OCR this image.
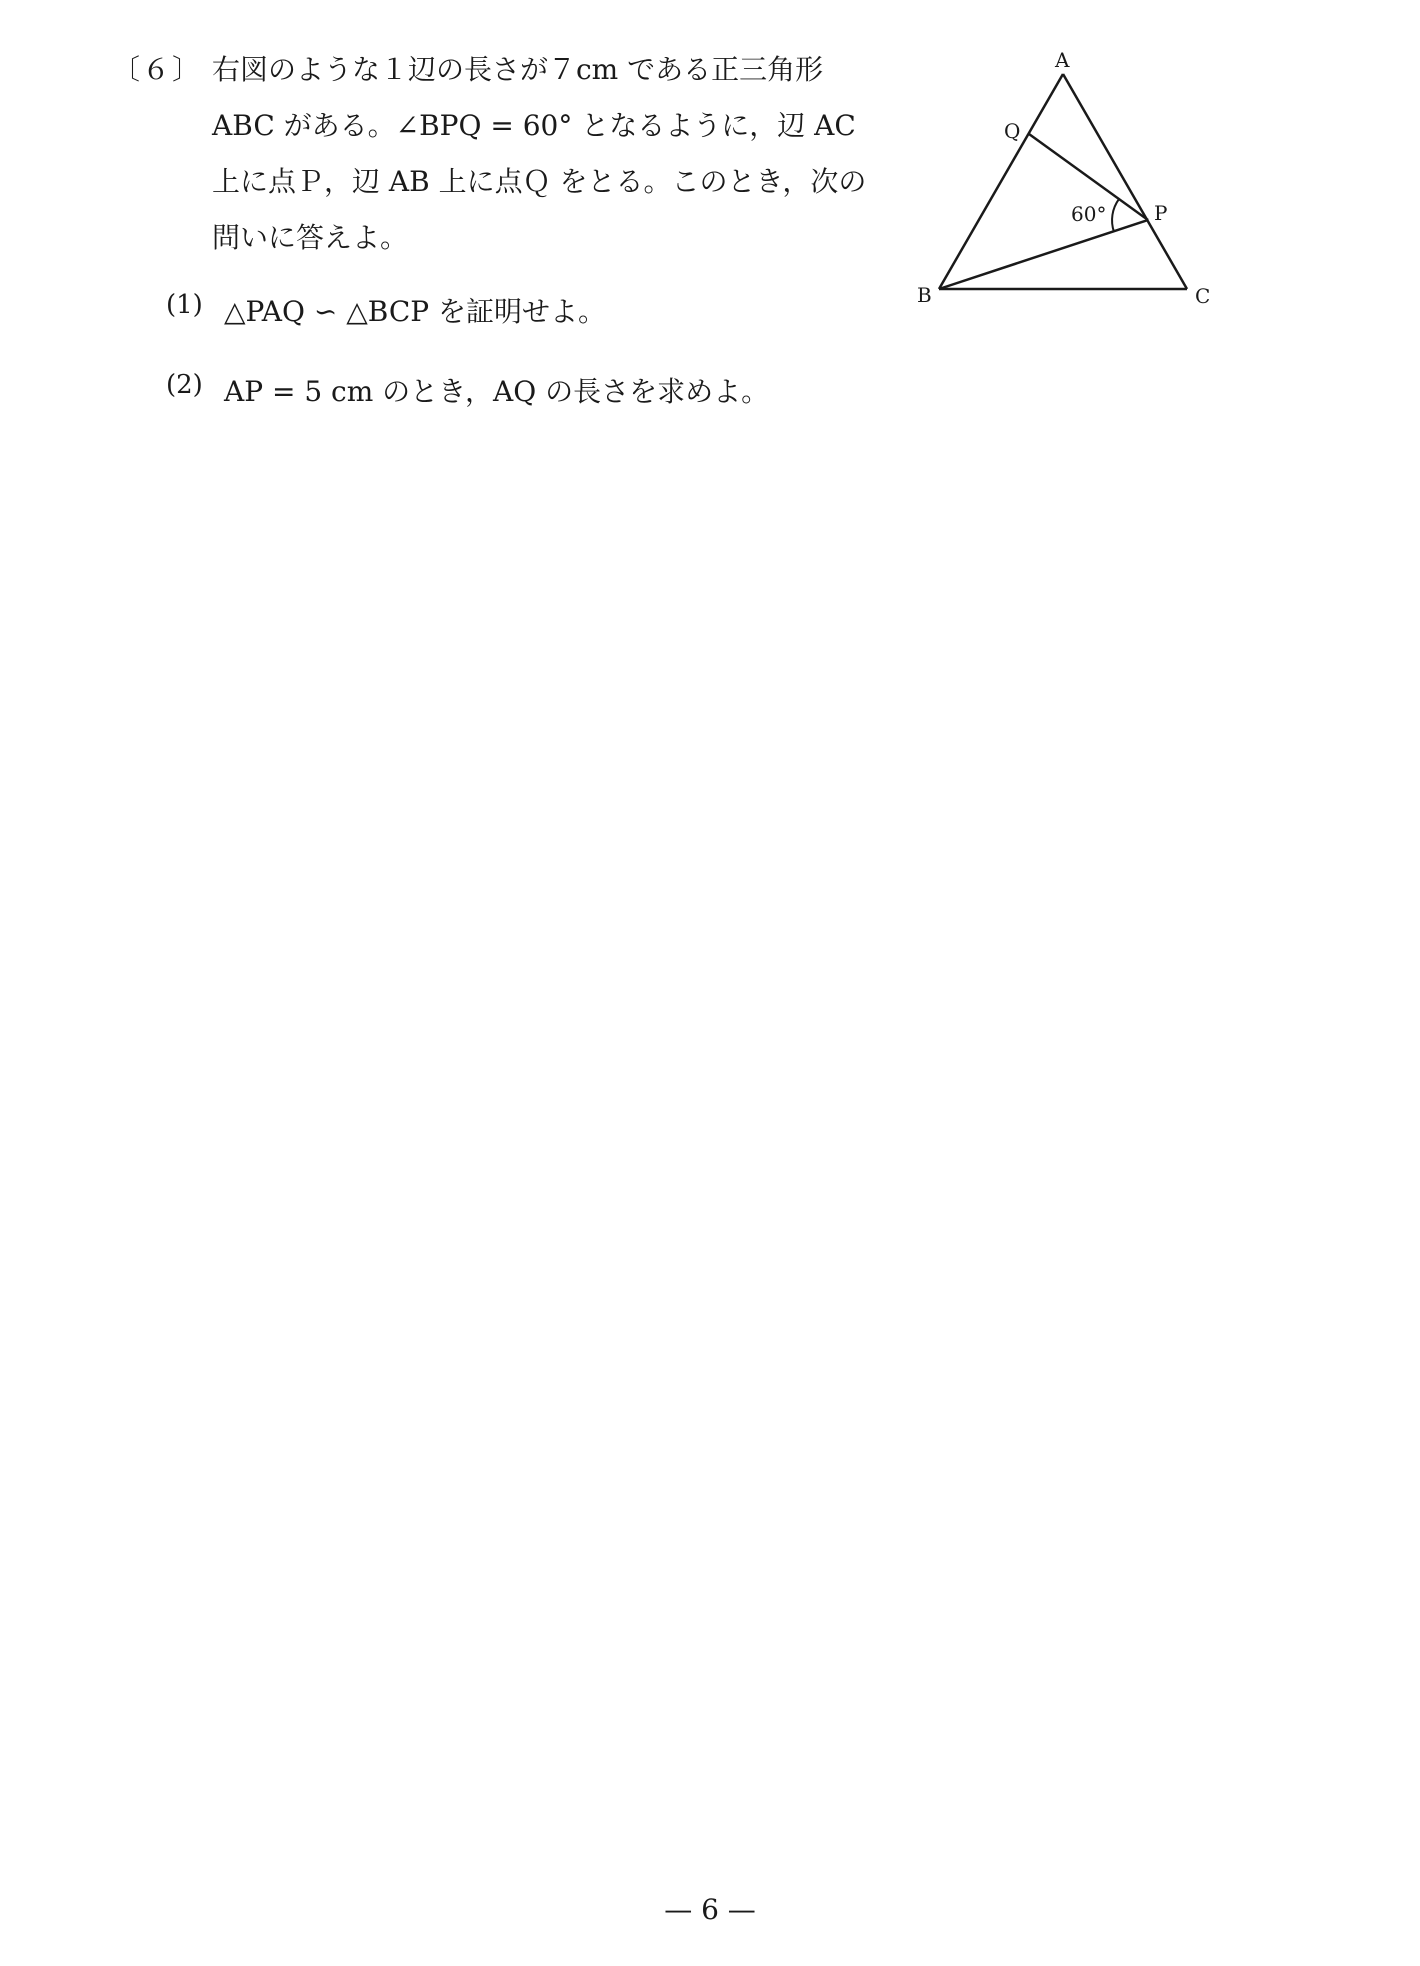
〔６〕 右図のような１辺の長さが７cm である正三角形
ABC がある。∠BPQ = 60° となるように，辺 AC
上に点Ｐ，辺 AB 上に点Ｑ をとる。このとき，次の
問いに答えよ。
(1) △PAQ ∽ △BCP を証明せよ。
(2) AP = 5 cm のとき，AQ の長さを求めよ。
A
B	C
P
Q
60°
— 6 —
